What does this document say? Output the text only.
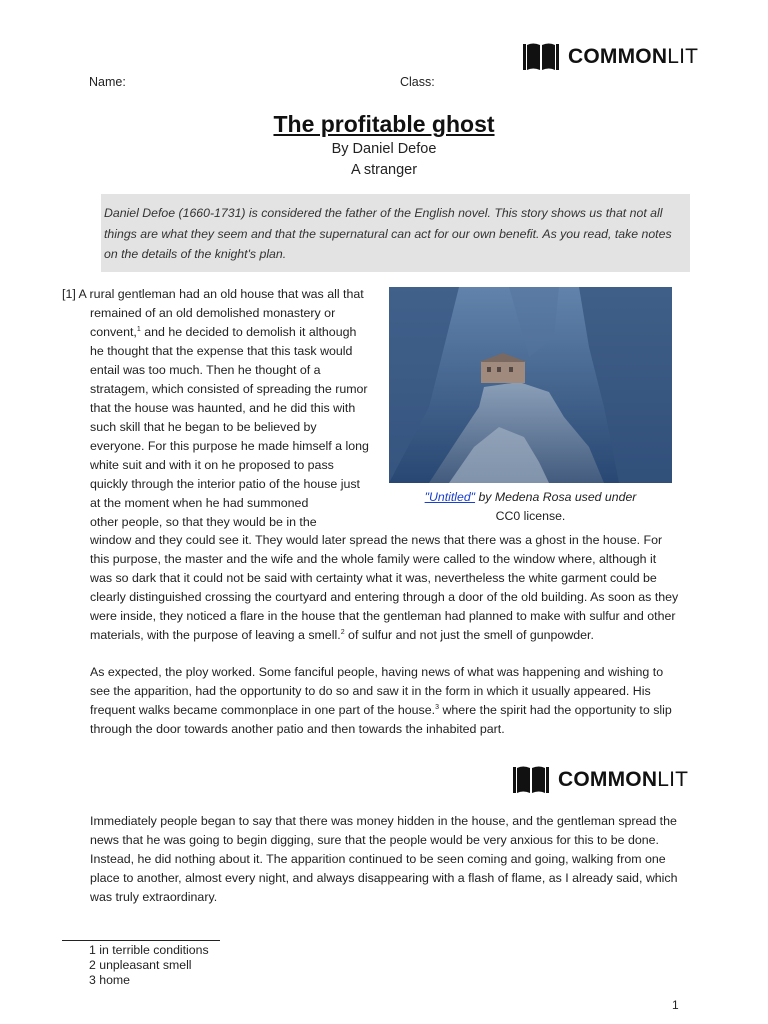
COMMONLIT
Name:	Class:
The profitable ghost
By Daniel Defoe
A stranger
Daniel Defoe (1660-1731) is considered the father of the English novel. This story shows us that not all things are what they seem and that the supernatural can act for our own benefit. As you read, take notes on the details of the knight's plan.

[1] A rural gentleman had an old house that was all that
remained of an old demolished monastery or
convent,$^1$ and he decided to demolish it although
he thought that the expense that this task would
entail was too much. Then he thought of a
stratagem, which consisted of spreading the rumor
that the house was haunted, and he did this with
such skill that he began to be believed by
everyone. For this purpose he made himself a long
white suit and with it on he proposed to pass
quickly through the interior patio of the house just
at the moment when he had summoned
other people, so that they would be in the

"Untitled" by Medena Rosa used under
CC0 license.
window and they could see it. They would later spread the news that there was a ghost in the house. For
this purpose, the master and the wife and the whole family were called to the window where, although it
was so dark that it could not be said with certainty what it was, nevertheless the white garment could be
clearly distinguished crossing the courtyard and entering through a door of the old building. As soon as they
were inside, they noticed a flare in the house that the gentleman had planned to make with sulfur and other
materials, with the purpose of leaving a smell.$^2$ of sulfur and not just the smell of gunpowder.
As expected, the ploy worked. Some fanciful people, having news of what was happening and wishing to
see the apparition, had the opportunity to do so and saw it in the form in which it usually appeared. His
frequent walks became commonplace in one part of the house.$^3$ where the spirit had the opportunity to slip
through the door towards another patio and then towards the inhabited part.
COMMONLIT
Immediately people began to say that there was money hidden in the house, and the gentleman spread the
news that he was going to begin digging, sure that the people would be very anxious for this to be done.
Instead, he did nothing about it. The apparition continued to be seen coming and going, walking from one
place to another, almost every night, and always disappearing with a flash of flame, as I already said, which
was truly extraordinary.
1 in terrible conditions
2 unpleasant smell
3 home
1
